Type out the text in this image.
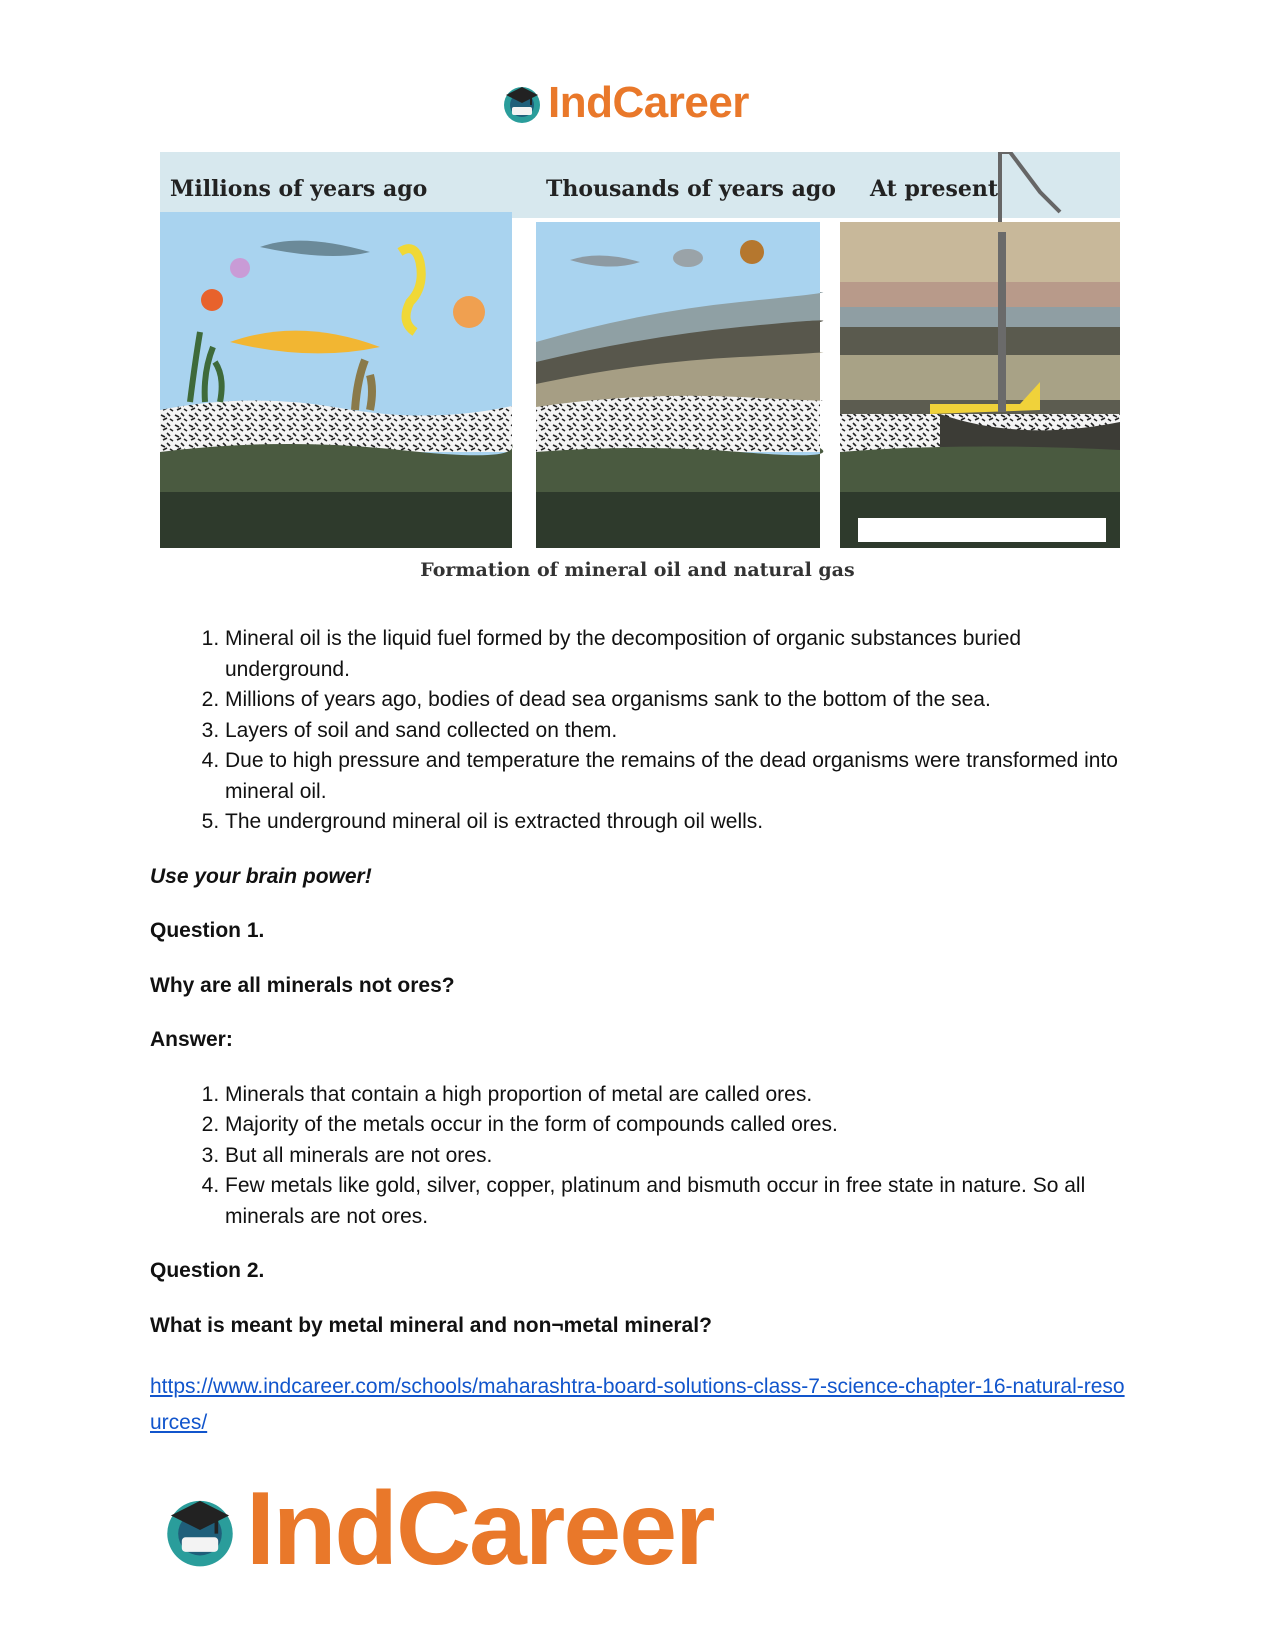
IndCareer
Millions of years ago	Thousands of years ago At present
Formation of mineral oil and natural gas
1. Mineral oil is the liquid fuel formed by the decomposition of organic substances buried underground.
2. Millions of years ago, bodies of dead sea organisms sank to the bottom of the sea.
3. Layers of soil and sand collected on them.
4. Due to high pressure and temperature the remains of the dead organisms were transformed into mineral oil.
5. The underground mineral oil is extracted through oil wells.

Use your brain power!

Question 1.

Why are all minerals not ores?

Answer:

1. Minerals that contain a high proportion of metal are called ores.
2. Majority of the metals occur in the form of compounds called ores.
3. But all minerals are not ores.
4. Few metals like gold, silver, copper, platinum and bismuth occur in free state in nature. So all minerals are not ores.

Question 2.

What is meant by metal mineral and non¬metal mineral?

https://www.indcareer.com/schools/maharashtra-board-solutions-class-7-science-chapter-16-natural-resources/

IndCareer
